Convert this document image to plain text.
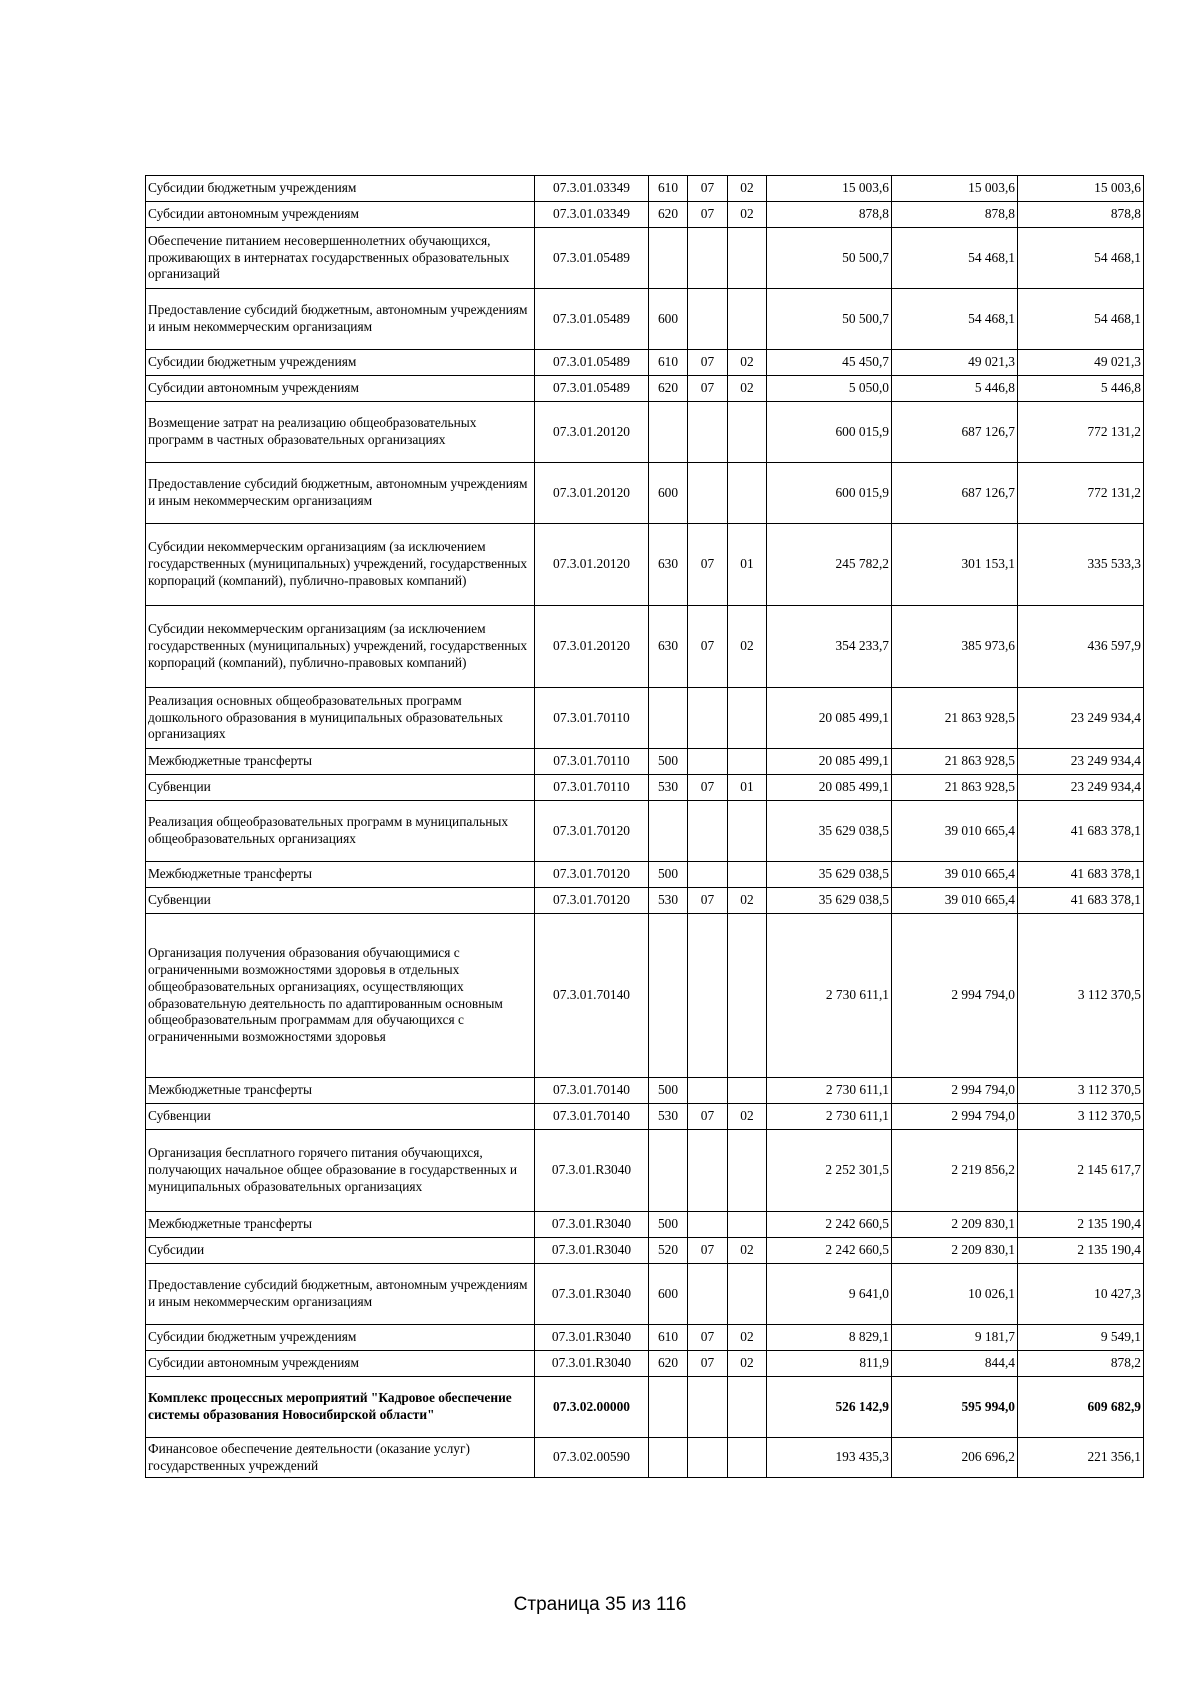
Субсидии бюджетным учреждениям	07.3.01.03349	610	07	02	15 003,6	15 003,6	15 003,6
Субсидии автономным учреждениям	07.3.01.03349	620	07	02	878,8	878,8	878,8
Обеспечение питанием несовершеннолетних обучающихся, проживающих в интернатах государственных образовательных организаций	07.3.01.05489				50 500,7	54 468,1	54 468,1
Предоставление субсидий бюджетным, автономным учреждениям и иным некоммерческим организациям	07.3.01.05489	600			50 500,7	54 468,1	54 468,1
Субсидии бюджетным учреждениям	07.3.01.05489	610	07	02	45 450,7	49 021,3	49 021,3
Субсидии автономным учреждениям	07.3.01.05489	620	07	02	5 050,0	5 446,8	5 446,8
Возмещение затрат на реализацию общеобразовательных программ в частных образовательных организациях	07.3.01.20120				600 015,9	687 126,7	772 131,2
Предоставление субсидий бюджетным, автономным учреждениям и иным некоммерческим организациям	07.3.01.20120	600			600 015,9	687 126,7	772 131,2
Субсидии некоммерческим организациям (за исключением государственных (муниципальных) учреждений, государственных корпораций (компаний), публично-правовых компаний)	07.3.01.20120	630	07	01	245 782,2	301 153,1	335 533,3
Субсидии некоммерческим организациям (за исключением государственных (муниципальных) учреждений, государственных корпораций (компаний), публично-правовых компаний)	07.3.01.20120	630	07	02	354 233,7	385 973,6	436 597,9
Реализация основных общеобразовательных программ дошкольного образования в муниципальных образовательных организациях	07.3.01.70110				20 085 499,1	21 863 928,5	23 249 934,4
Межбюджетные трансферты	07.3.01.70110	500			20 085 499,1	21 863 928,5	23 249 934,4
Субвенции	07.3.01.70110	530	07	01	20 085 499,1	21 863 928,5	23 249 934,4
Реализация общеобразовательных программ в муниципальных общеобразовательных организациях	07.3.01.70120				35 629 038,5	39 010 665,4	41 683 378,1
Межбюджетные трансферты	07.3.01.70120	500			35 629 038,5	39 010 665,4	41 683 378,1
Субвенции	07.3.01.70120	530	07	02	35 629 038,5	39 010 665,4	41 683 378,1
Организация получения образования обучающимися с ограниченными возможностями здоровья в отдельных общеобразовательных организациях, осуществляющих образовательную деятельность по адаптированным основным общеобразовательным программам для обучающихся с ограниченными возможностями здоровья	07.3.01.70140				2 730 611,1	2 994 794,0	3 112 370,5
Межбюджетные трансферты	07.3.01.70140	500			2 730 611,1	2 994 794,0	3 112 370,5
Субвенции	07.3.01.70140	530	07	02	2 730 611,1	2 994 794,0	3 112 370,5
Организация бесплатного горячего питания обучающихся, получающих начальное общее образование в государственных и муниципальных образовательных организациях	07.3.01.R3040				2 252 301,5	2 219 856,2	2 145 617,7
Межбюджетные трансферты	07.3.01.R3040	500			2 242 660,5	2 209 830,1	2 135 190,4
Субсидии	07.3.01.R3040	520	07	02	2 242 660,5	2 209 830,1	2 135 190,4
Предоставление субсидий бюджетным, автономным учреждениям и иным некоммерческим организациям	07.3.01.R3040	600			9 641,0	10 026,1	10 427,3
Субсидии бюджетным учреждениям	07.3.01.R3040	610	07	02	8 829,1	9 181,7	9 549,1
Субсидии автономным учреждениям	07.3.01.R3040	620	07	02	811,9	844,4	878,2
Комплекс процессных мероприятий "Кадровое обеспечение системы образования Новосибирской области"	07.3.02.00000				526 142,9	595 994,0	609 682,9
Финансовое обеспечение деятельности (оказание услуг) государственных учреждений	07.3.02.00590				193 435,3	206 696,2	221 356,1
Страница 35 из 116
